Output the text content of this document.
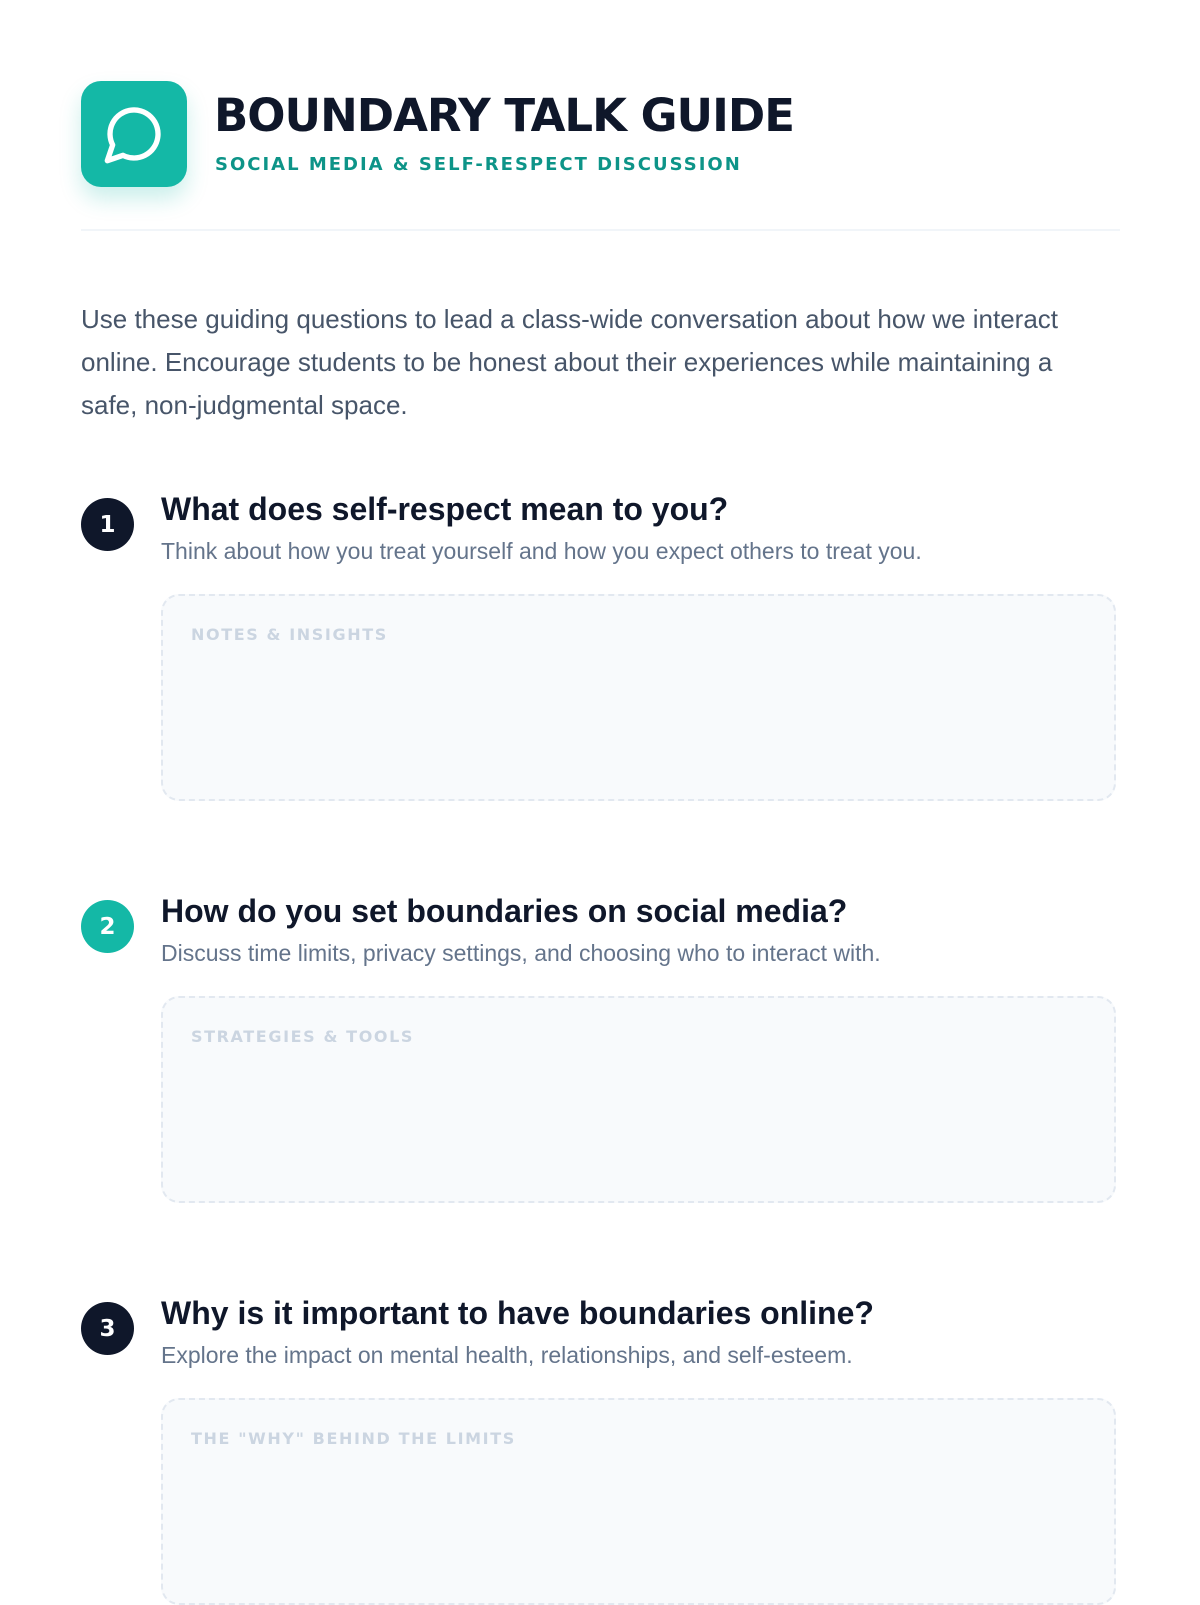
BOUNDARY TALK GUIDE
SOCIAL MEDIA & SELF-RESPECT DISCUSSION

Use these guiding questions to lead a class-wide conversation about how we interact online. Encourage students to be honest about their experiences while maintaining a safe, non-judgmental space.

1	What does self-respect mean to you?

Think about how you treat yourself and how you expect others to treat you.

NOTES & INSIGHTS
2	How do you set boundaries on social media?

Discuss time limits, privacy settings, and choosing who to interact with.

STRATEGIES & TOOLS
3	Why is it important to have boundaries online?

Explore the impact on mental health, relationships, and self-esteem.

THE "WHY" BEHIND THE LIMITS
